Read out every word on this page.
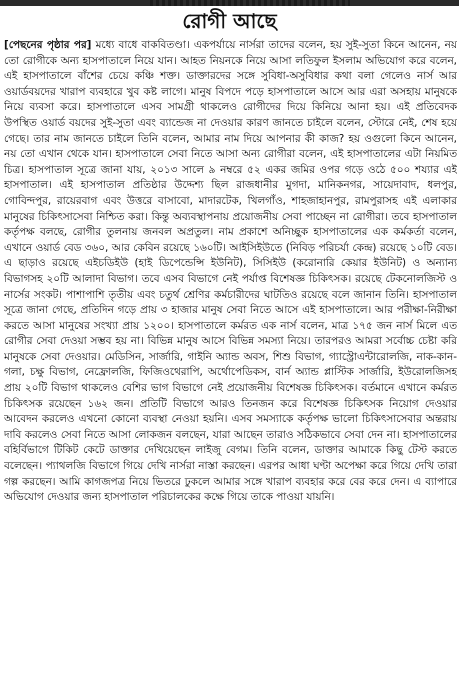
রোগী আছে

[পেছনের পৃষ্ঠার পর] মধ্যে বাধে বাকবিতণ্ডা। একপর্যায়ে নার্সরা তাদের বলেন, হয় সুই-সুতা কিনে আনেন, নয় তো রোগীকে অন্য হাসপাতালে নিয়ে যান। আহত নিয়নকে নিয়ে আসা লতিফুল ইসলাম অভিযোগ করে বলেন, এই হাসপাতালে বাঁশের চেয়ে কঞ্চি শক্ত। ডাক্তারদের সঙ্গে সুবিধা-অসুবিধার কথা বলা গেলেও নার্স আর ওয়ার্ডবয়দের খারাপ ব্যবহারে খুব কষ্ট লাগে। মানুষ বিপদে পড়ে হাসপাতালে আসে আর এরা অসহায় মানুষকে নিয়ে ব্যবসা করে। হাসপাতালে এসব সামগ্রী থাকলেও রোগীদের দিয়ে কিনিয়ে আনা হয়। এই প্রতিবেদক উপস্থিত ওয়ার্ড বয়দের সুই-সুতা এবং ব্যান্ডেজ না দেওয়ার কারণ জানতে চাইলে বলেন, স্টোরে নেই, শেষ হয়ে গেছে। তার নাম জানতে চাইলে তিনি বলেন, আমার নাম দিয়ে আপনার কী কাজ? হয় ওগুলো কিনে আনেন, নয় তো এখান থেকে যান। হাসপাতালে সেবা নিতে আসা অন্য রোগীরা বলেন, এই হাসপাতালের এটা নিয়মিত চিত্র। হাসপাতাল সূত্রে জানা যায়, ২০১৩ সালে ৯ নম্বরে ৫২ একর জমির ওপর গড়ে ওঠে ৫০০ শয্যার এই হাসপাতাল। এই হাসপাতাল প্রতিষ্ঠার উদ্দেশ্য ছিল রাজধানীর মুগদা, মানিকনগর, সায়েদাবাদ, ধলপুর, গোবিন্দপুর, রায়েরবাগ এবং উত্তরে বাসাবো, মাদারটেক, খিলগাঁও, শাহজাহানপুর, রামপুরাসহ এই এলাকার মানুষের চিকিৎসাসেবা নিশ্চিত করা। কিন্তু অব্যবস্থাপনায় প্রয়োজনীয় সেবা পাচ্ছেন না রোগীরা। তবে হাসপাতাল কর্তৃপক্ষ বলছে, রোগীর তুলনায় জনবল অপ্রতুল। নাম প্রকাশে অনিচ্ছুক হাসপাতালের এক কর্মকর্তা বলেন, এখানে ওয়ার্ড বেড ৩৬০, আর কেবিন রয়েছে ১৬০টি। আইসিইউতে (নিবিড় পরিচর্যা কেন্দ্র) রয়েছে ১০টি বেড। এ ছাড়াও রয়েছে এইচডিইউ (হাই ডিপেন্ডেন্সি ইউনিট), সিসিইউ (করোনারি কেয়ার ইউনিট) ও অন্যান্য বিভাগসহ ২০টি আলাদা বিভাগ। তবে এসব বিভাগে নেই পর্যাপ্ত বিশেষজ্ঞ চিকিৎসক। রয়েছে টেকনোলজিস্ট ও নার্সের সংকট। পাশাপাশি তৃতীয় এবং চতুর্থ শ্রেণির কর্মচারীদের ঘাটতিও রয়েছে বলে জানান তিনি। হাসপাতাল সূত্রে জানা গেছে, প্রতিদিন গড়ে প্রায় ৩ হাজার মানুষ সেবা নিতে আসে এই হাসপাতালে। আর পরীক্ষা-নিরীক্ষা করতে আসা মানুষের সংখ্যা প্রায় ১২০০। হাসপাতালে কর্মরত এক নার্স বলেন, মাত্র ১৭৫ জন নার্স মিলে এত রোগীর সেবা দেওয়া সম্ভব হয় না। বিভিন্ন মানুষ আসে বিভিন্ন সমস্যা নিয়ে। তারপরও আমরা সর্বোচ্চ চেষ্টা করি মানুষকে সেবা দেওয়ার। মেডিসিন, সার্জারি, গাইনি অ্যান্ড অবস, শিশু বিভাগ, গ্যাস্ট্রোএন্টারোলজি, নাক-কান-গলা, চক্ষু বিভাগ, নেফ্রোলজি, ফিজিওথেরাপি, অর্থোপেডিকস, বার্ন অ্যান্ড প্লাস্টিক সার্জারি, ইউরোলজিসহ প্রায় ২০টি বিভাগ থাকলেও বেশির ভাগ বিভাগে নেই প্রয়োজনীয় বিশেষজ্ঞ চিকিৎসক। বর্তমানে এখানে কর্মরত চিকিৎসক রয়েছেন ১৬২ জন। প্রতিটি বিভাগে আরও তিনজন করে বিশেষজ্ঞ চিকিৎসক নিয়োগ দেওয়ার আবেদন করলেও এখনো কোনো ব্যবস্থা নেওয়া হয়নি। এসব সমস্যাকে কর্তৃপক্ষ ভালো চিকিৎসাসেবার অন্তরায় দাবি করলেও সেবা নিতে আসা লোকজন বলছেন, যারা আছেন তারাও সঠিকভাবে সেবা দেন না। হাসপাতালের বহির্বিভাগে টিকিট কেটে ডাক্তার দেখিয়েছেন লাইজু বেগম। তিনি বলেন, ডাক্তার আমাকে কিছু টেস্ট করতে বলেছেন। প্যাথলজি বিভাগে গিয়ে দেখি নার্সরা নাস্তা করছেন। এরপর আধা ঘণ্টা অপেক্ষা করে গিয়ে দেখি তারা গল্প করছেন। আমি কাগজপত্র নিয়ে ভিতরে ঢুকলে আমার সঙ্গে খারাপ ব্যবহার করে বের করে দেন। এ ব্যাপারে অভিযোগ দেওয়ার জন্য হাসপাতাল পরিচালকের কক্ষে গিয়ে তাকে পাওয়া যায়নি।
